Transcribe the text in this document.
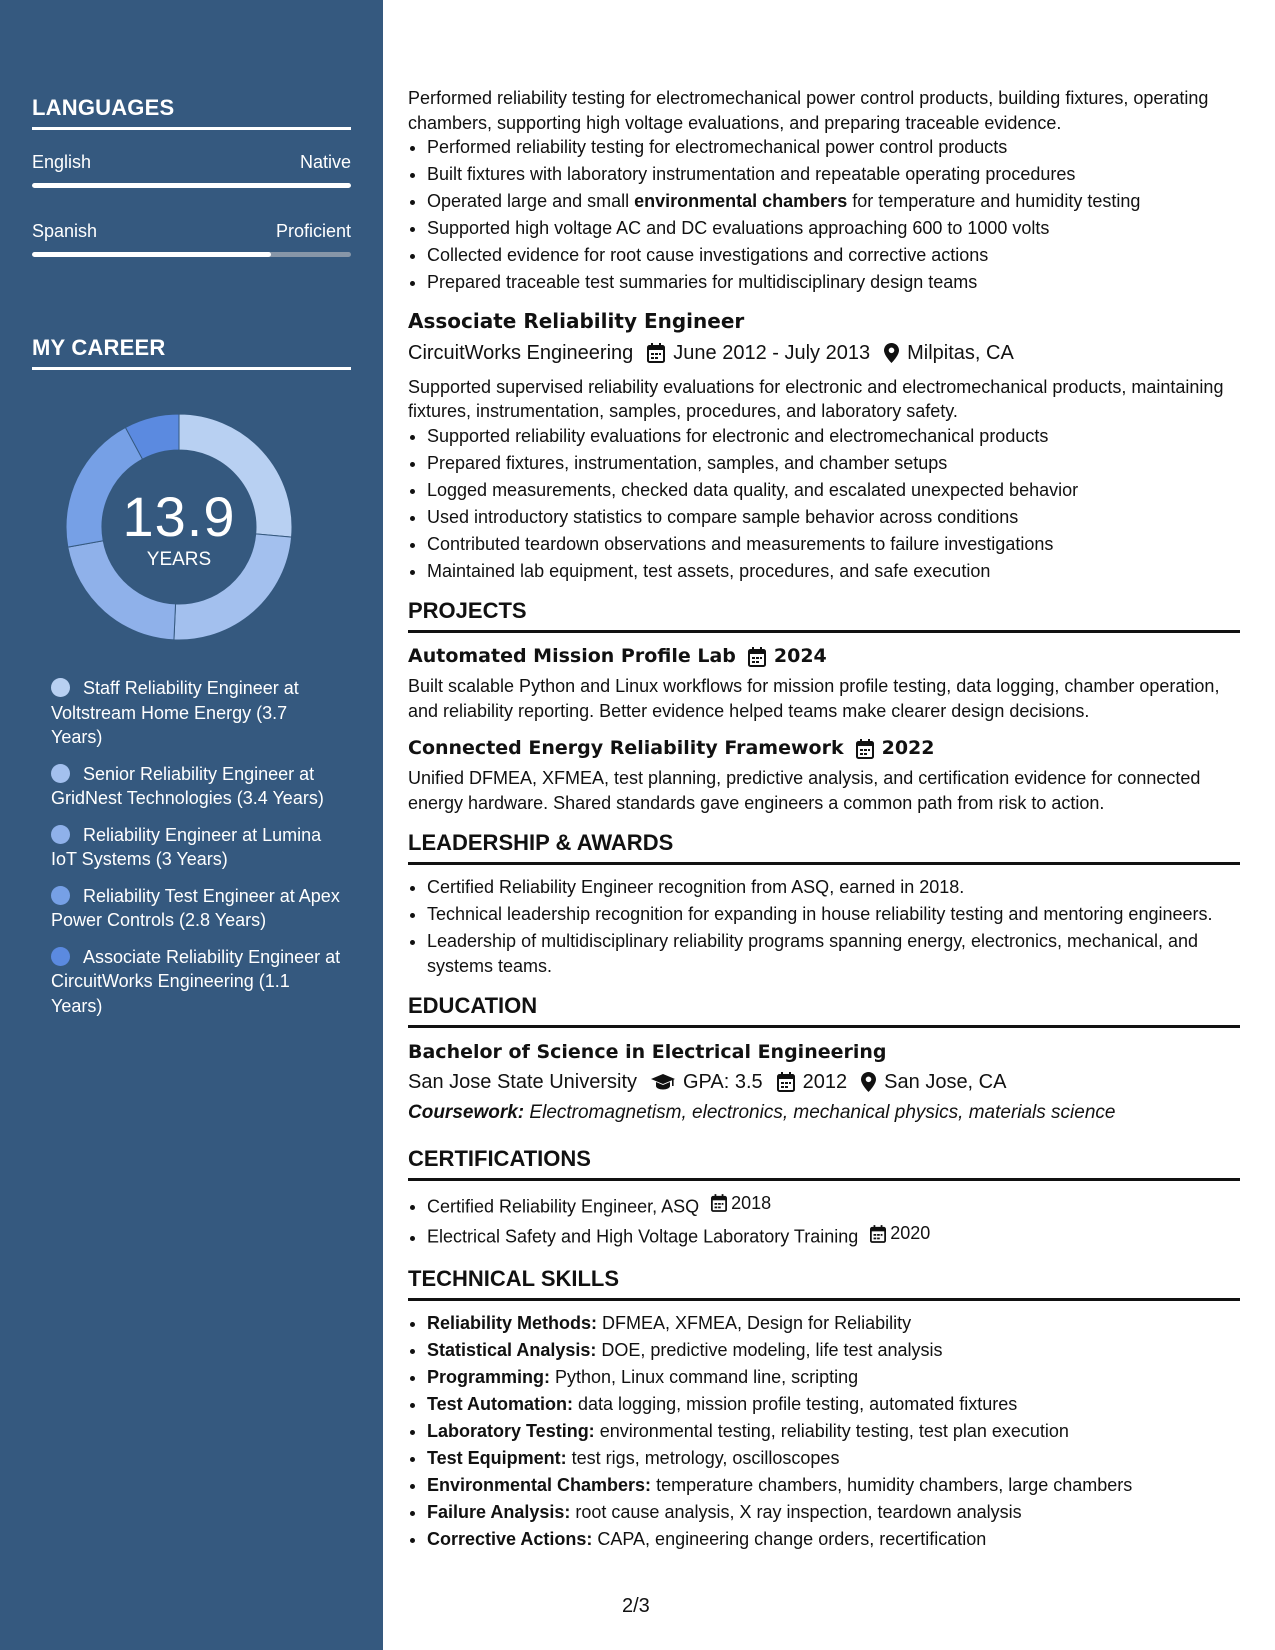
LANGUAGES
English	Native
Spanish	Proficient
MY CAREER
13.9
YEARS
Staff Reliability Engineer at Voltstream Home Energy (3.7 Years)
Senior Reliability Engineer at GridNest Technologies (3.4 Years)
Reliability Engineer at Lumina IoT Systems (3 Years)
Reliability Test Engineer at Apex Power Controls (2.8 Years)
Associate Reliability Engineer at CircuitWorks Engineering (1.1 Years)

Performed reliability testing for electromechanical power control products, building fixtures, operating chambers, supporting high voltage evaluations, and preparing traceable evidence.

• Performed reliability testing for electromechanical power control products
• Built fixtures with laboratory instrumentation and repeatable operating procedures
• Operated large and small environmental chambers for temperature and humidity testing
• Supported high voltage AC and DC evaluations approaching 600 to 1000 volts
• Collected evidence for root cause investigations and corrective actions
• Prepared traceable test summaries for multidisciplinary design teams
Associate Reliability Engineer
CircuitWorks Engineering June 2012 - July 2013 Milpitas, CA

Supported supervised reliability evaluations for electronic and electromechanical products, maintaining fixtures, instrumentation, samples, procedures, and laboratory safety.

• Supported reliability evaluations for electronic and electromechanical products
• Prepared fixtures, instrumentation, samples, and chamber setups
• Logged measurements, checked data quality, and escalated unexpected behavior
• Used introductory statistics to compare sample behavior across conditions
• Contributed teardown observations and measurements to failure investigations
• Maintained lab equipment, test assets, procedures, and safe execution
PROJECTS
Automated Mission Profile Lab 2024

Built scalable Python and Linux workflows for mission profile testing, data logging, chamber operation, and reliability reporting. Better evidence helped teams make clearer design decisions.

Connected Energy Reliability Framework 2022

Unified DFMEA, XFMEA, test planning, predictive analysis, and certification evidence for connected energy hardware. Shared standards gave engineers a common path from risk to action.

LEADERSHIP & AWARDS
• Certified Reliability Engineer recognition from ASQ, earned in 2018.
• Technical leadership recognition for expanding in house reliability testing and mentoring engineers.
• Leadership of multidisciplinary reliability programs spanning energy, electronics, mechanical, and systems teams.
EDUCATION
Bachelor of Science in Electrical Engineering
San Jose State University GPA: 3.5 2012 San Jose, CA
Coursework: Electromagnetism, electronics, mechanical physics, materials science
CERTIFICATIONS
• Certified Reliability Engineer, ASQ 2018
• Electrical Safety and High Voltage Laboratory Training 2020
TECHNICAL SKILLS
• Reliability Methods: DFMEA, XFMEA, Design for Reliability
• Statistical Analysis: DOE, predictive modeling, life test analysis
• Programming: Python, Linux command line, scripting
• Test Automation: data logging, mission profile testing, automated fixtures
• Laboratory Testing: environmental testing, reliability testing, test plan execution
• Test Equipment: test rigs, metrology, oscilloscopes
• Environmental Chambers: temperature chambers, humidity chambers, large chambers
• Failure Analysis: root cause analysis, X ray inspection, teardown analysis
• Corrective Actions: CAPA, engineering change orders, recertification
2/3
